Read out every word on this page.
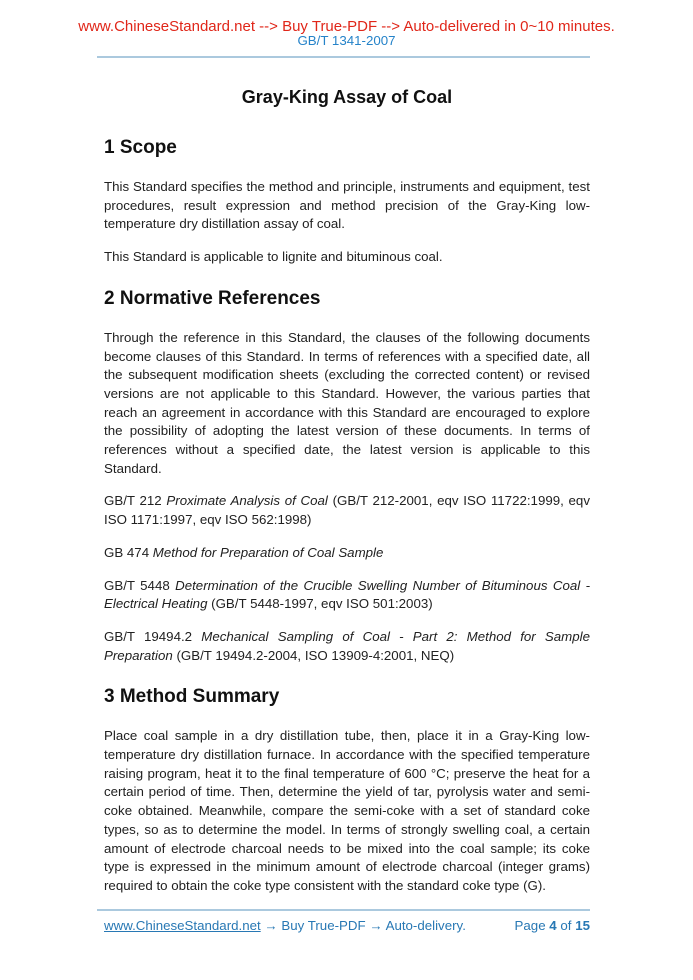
www.ChineseStandard.net --> Buy True-PDF --> Auto-delivered in 0~10 minutes.
GB/T 1341-2007
Gray-King Assay of Coal
1 Scope

This Standard specifies the method and principle, instruments and equipment, test procedures, result expression and method precision of the Gray-King low-temperature dry distillation assay of coal.

This Standard is applicable to lignite and bituminous coal.

2 Normative References

Through the reference in this Standard, the clauses of the following documents become clauses of this Standard. In terms of references with a specified date, all the subsequent modification sheets (excluding the corrected content) or revised versions are not applicable to this Standard. However, the various parties that reach an agreement in accordance with this Standard are encouraged to explore the possibility of adopting the latest version of these documents. In terms of references without a specified date, the latest version is applicable to this Standard.

GB/T 212 Proximate Analysis of Coal (GB/T 212-2001, eqv ISO 11722:1999, eqv ISO 1171:1997, eqv ISO 562:1998)

GB 474 Method for Preparation of Coal Sample

GB/T 5448 Determination of the Crucible Swelling Number of Bituminous Coal - Electrical Heating (GB/T 5448-1997, eqv ISO 501:2003)

GB/T 19494.2 Mechanical Sampling of Coal - Part 2: Method for Sample Preparation (GB/T 19494.2-2004, ISO 13909-4:2001, NEQ)

3 Method Summary

Place coal sample in a dry distillation tube, then, place it in a Gray-King low-temperature dry distillation furnace. In accordance with the specified temperature raising program, heat it to the final temperature of 600 °C; preserve the heat for a certain period of time. Then, determine the yield of tar, pyrolysis water and semi-coke obtained. Meanwhile, compare the semi-coke with a set of standard coke types, so as to determine the model. In terms of strongly swelling coal, a certain amount of electrode charcoal needs to be mixed into the coal sample; its coke type is expressed in the minimum amount of electrode charcoal (integer grams) required to obtain the coke type consistent with the standard coke type (G).

www.ChineseStandard.net → Buy True-PDF → Auto-delivery.	Page 4 of 15
